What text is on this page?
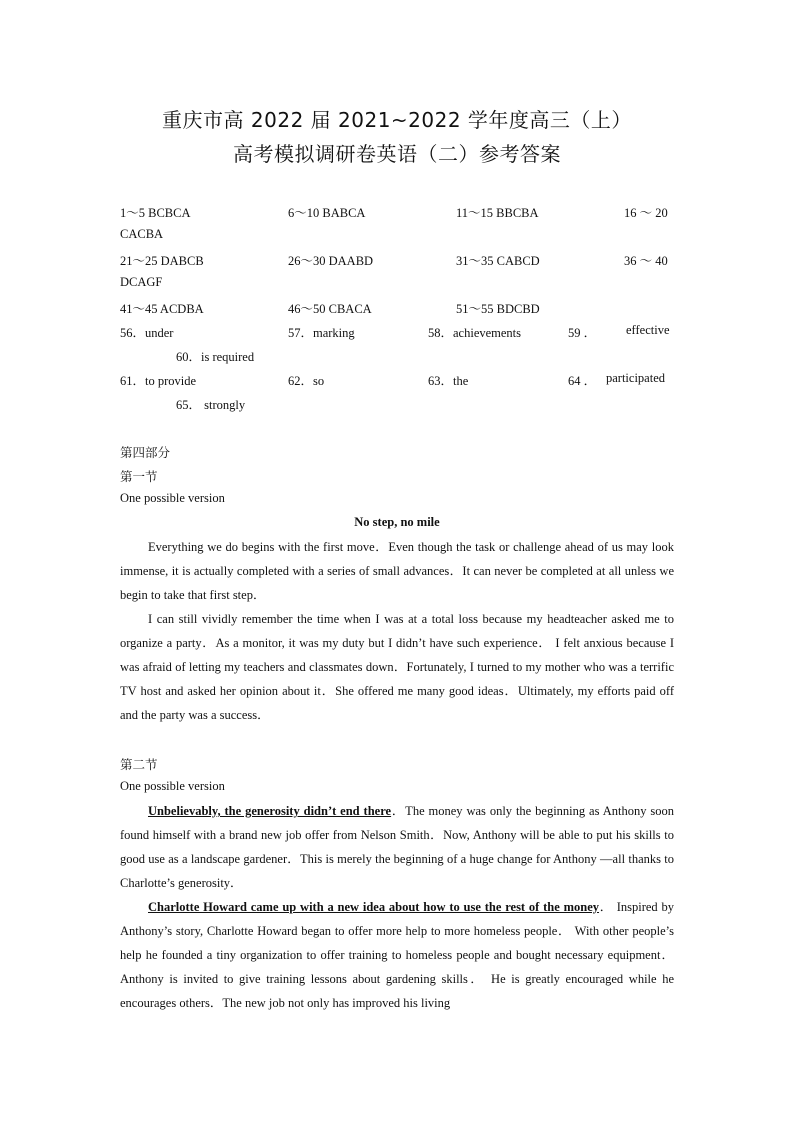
重庆市高 2022 届 2021~2022 学年度高三（上）
高考模拟调研卷英语（二）参考答案
1～5 BCBCA	6～10 BABCA	11～15 BBCBA	16 ～ 20
CACBA
21～25 DABCB	26～30 DAABD	31～35 CABCD	36 ～ 40
DCAGF
41～45 ACDBA	46～50 CBACA	51～55 BDCBD
56．under	57．marking	58．achievements	59 ． effective
60．is required
61．to provide	62．so	63．the	64 ． participated
65． strongly
第四部分
第一节
One possible version
No step, no mile
Everything we do begins with the first move．Even though the task or challenge ahead of us may look immense, it is actually completed with a series of small advances．It can never be completed at all unless we begin to take that first step．
I can still vividly remember the time when I was at a total loss because my headteacher asked me to organize a party．As a monitor, it was my duty but I didn’t have such experience． I felt anxious because I was afraid of letting my teachers and classmates down．Fortunately, I turned to my mother who was a terrific TV host and asked her opinion about it．She offered me many good ideas．Ultimately, my efforts paid off and the party was a success．
第二节
One possible version
Unbelievably, the generosity didn’t end there．The money was only the beginning as Anthony soon found himself with a brand new job offer from Nelson Smith．Now, Anthony will be able to put his skills to good use as a landscape gardener．This is merely the beginning of a huge change for Anthony —all thanks to Charlotte’s generosity．
Charlotte Howard came up with a new idea about how to use the rest of the money． Inspired by Anthony’s story, Charlotte Howard began to offer more help to more homeless people． With other people’s help he founded a tiny organization to offer training to homeless people and bought necessary equipment．Anthony is invited to give training lessons about gardening skills． He is greatly encouraged while he encourages others．The new job not only has improved his living
